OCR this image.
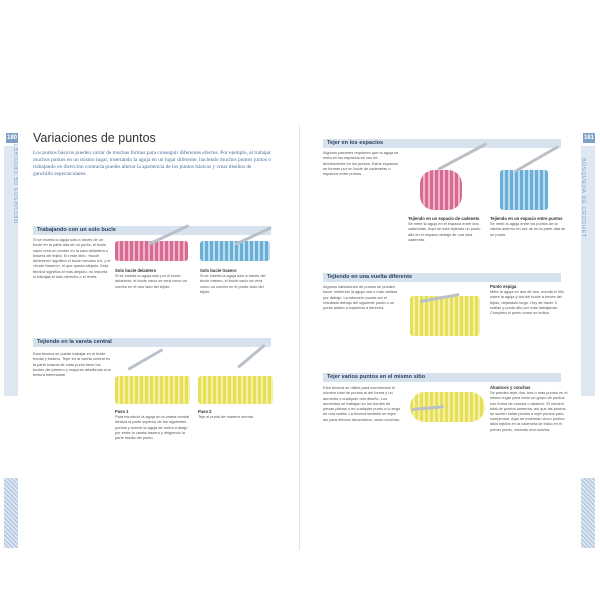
180
RECURSOS DE CROCHET
Variaciones de puntos
Los puntos básicos pueden variar de muchas formas para conseguir diferentes efectos. Por ejemplo, al trabajar muchos puntos en un mismo lugar, insertando la aguja en un lugar diferente, haciendo muchos puntos juntos o trabajando en dirección contraria puedes alterar la apariencia de los puntos básicos y crear diseños de ganchillo espectaculares.
Trabajando con un solo bucle
Si se inserta la aguja solo a través de un bucle en la parte alta de un punto, el bucle vacío crea un cordón en la cara delantera o trasera del tejido. En este libro, «bucle delantero» significa el bucle cercano a ti, y el «bucle trasero», el que queda alejado. Esta técnica significa al más alejado, no importa si trabajas el lado derecho o el revés.
Solo bucle delantero
Si se inserta la aguja solo por el bucle delantero, el bucle vacío se verá como un cordón en el otro lado del tejido.
Solo bucle trasero
Si se inserta la aguja solo a través del bucle trasero, el bucle vacío se verá como un cordón en el punto visto del tejido.
Tejiendo en la vareta central
Esta técnica se puede trabajar en el bucle frontal y trasero. Tejer en la vareta central en la parte trasera de cada punto tiene los bucles del primero y mayores añadiendo una textura interesante.
Paso 1
Para introducir la aguja en la vareta central desliza la parte superior de los siguientes puntos y mueve la aguja de arriba a abajo por entre la vareta trasera y dirigiendo la parte media del punto.
Paso 2
Teje el punto de manera normal.
181
BÚSQUEDA DE CROCHET
Tejer en los espacios
Algunos patrones requieren que la aguja se meta en los espacios en vez de directamente en los puntos. Estos espacios se forman por un bucle de cadenetas o espacios entre puntos.
Tejiendo en un espacio de cadeneta
Se mete la aguja en el espacio entre dos cadenetas. Aquí se está tejiendo un punto alto en el espacio debajo de una sola cadeneta.
Tejiendo en un espacio entre puntos
Se mete la aguja entre los puntos de la vareta anterior en vez de en la parte alta de un punto.
Tejiendo en una vuelta diferente
Algunos variaciones de puntos se pueden hacer metiendo la aguja una o más vueltas por debajo. La intención puede ser el resultado debajo del siguiente punto o un punto alrado a izquierda a derecha.
Punto espiga
Mete la aguja en dos de dos, enrolla el hilo sobre la aguja y tira del bucle a través del tejido, dejándolo largo. Hoy de hacer 3 mallas y punto alto por más trabajando. Completa el punto como se indica.
Tejer varios puntos en el mismo sitio
Esta técnica se utiliza para incrementar el número total de puntos al del forma y un aumento o cualquier otro diseño. Los aumentos se trabajan en los bordes de piezas planas o en cualquier punto a lo largo de una vuelta. La técnica también se tejen así para efectos decorativos, como conchas.
Abanicos y conchas
Se pueden tejer dos, tres o más puntos en el mismo lugar para crear un grupo de puntos con forma de concha o abanico. El número total de puntos aumenta, así que las puntos se suelen saltar puntos a tejer puntos para compensar. Aquí se muestran cinco puntos altos tejidos en la cadeneta de inicio en el primer punto, creando una concha.
